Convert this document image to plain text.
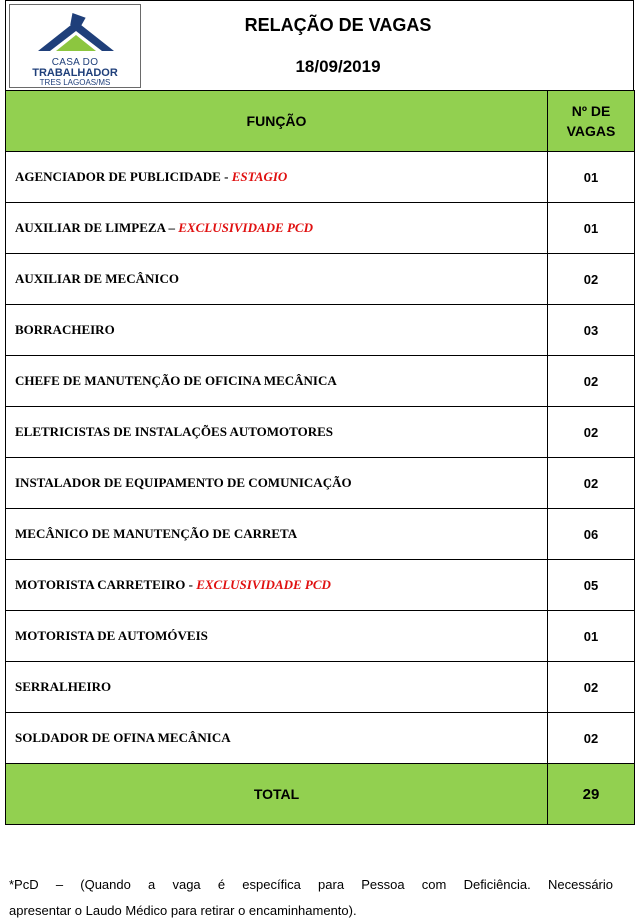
CASA DO
TRABALHADOR
TRES LAGOAS/MS
RELAÇÃO DE VAGAS
18/09/2019
FUNÇÃO	Nº DE
VAGAS
AGENCIADOR DE PUBLICIDADE - ESTAGIO	01
AUXILIAR DE LIMPEZA – EXCLUSIVIDADE PCD	01
AUXILIAR DE MECÂNICO	02
BORRACHEIRO	03
CHEFE DE MANUTENÇÃO DE OFICINA MECÂNICA	02
ELETRICISTAS DE INSTALAÇÕES AUTOMOTORES	02
INSTALADOR DE EQUIPAMENTO DE COMUNICAÇÃO	02
MECÂNICO DE MANUTENÇÃO DE CARRETA	06
MOTORISTA CARRETEIRO - EXCLUSIVIDADE PCD	05
MOTORISTA DE AUTOMÓVEIS	01
SERRALHEIRO	02
SOLDADOR DE OFINA MECÂNICA	02
TOTAL	29
*PcD – (Quando a vaga é específica para Pessoa com Deficiência. Necessário
apresentar o Laudo Médico para retirar o encaminhamento).
